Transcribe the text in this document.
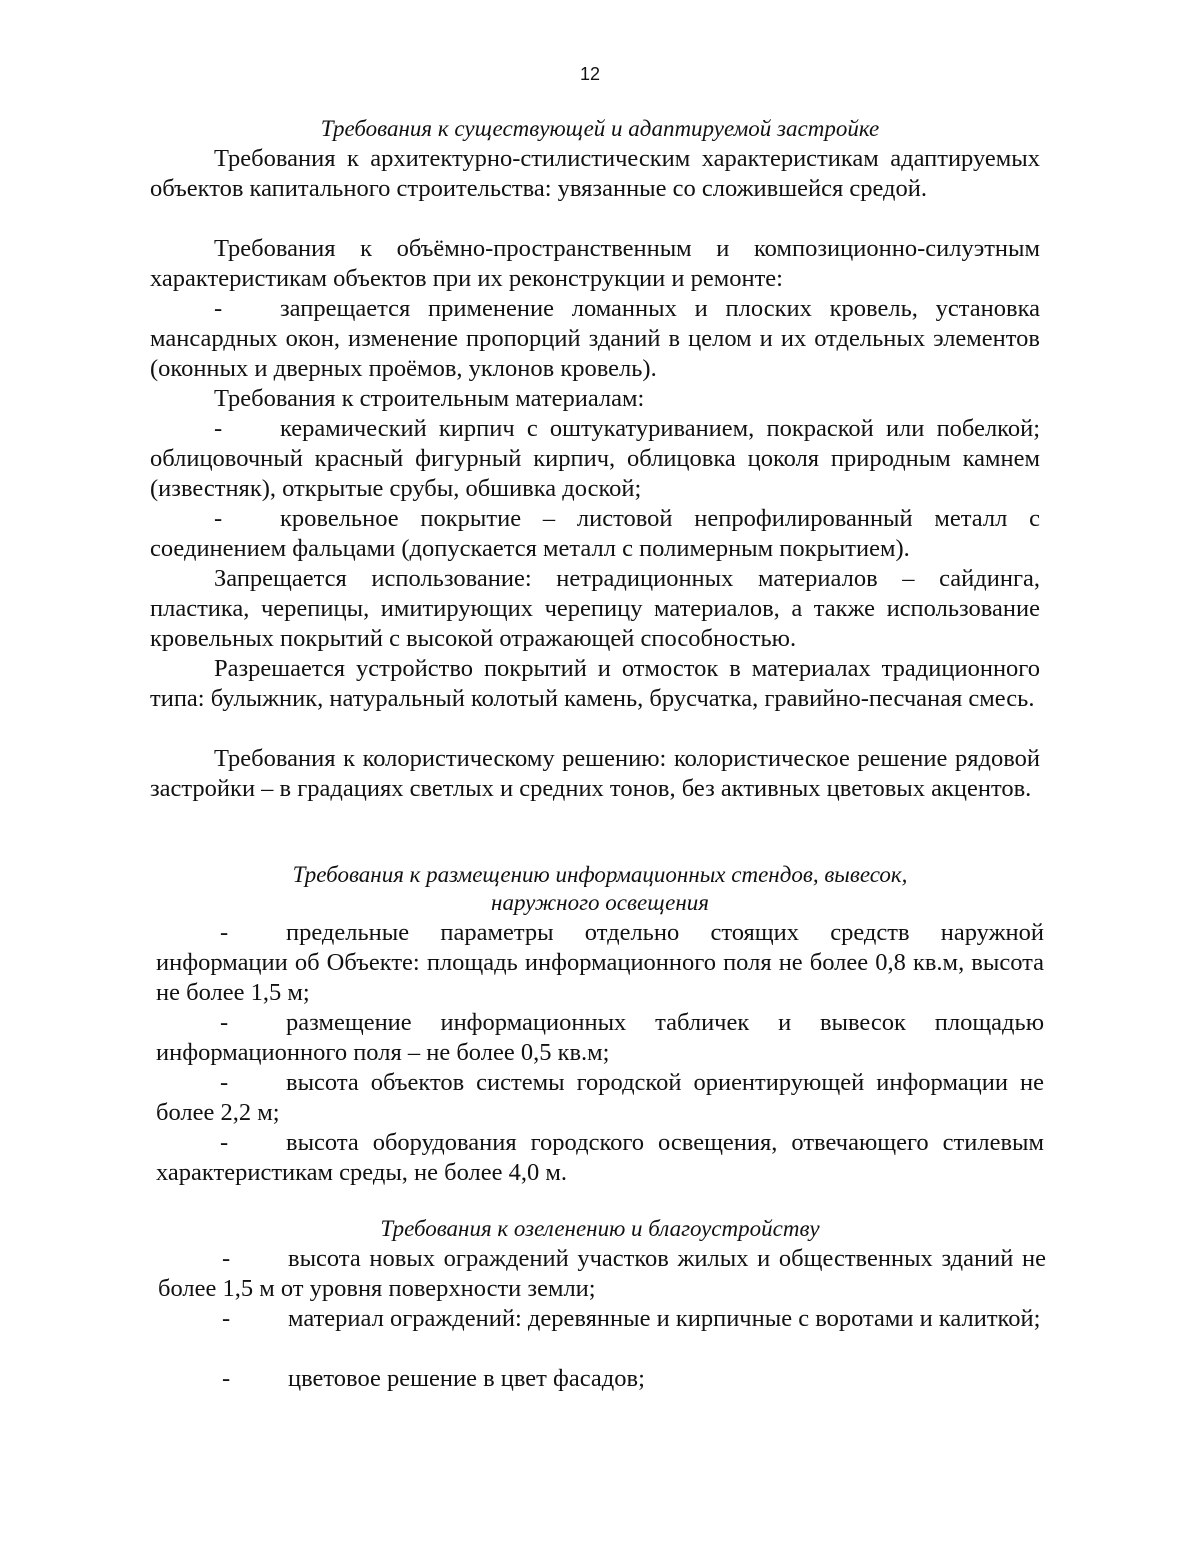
12
Требования к существующей и адаптируемой застройке
Требования к архитектурно-стилистическим характеристикам адаптируемых объектов капитального строительства: увязанные со сложившейся средой.
Требования к объёмно-пространственным и композиционно-силуэтным характеристикам объектов при их реконструкции и ремонте:
- запрещается применение ломанных и плоских кровель, установка мансардных окон, изменение пропорций зданий в целом и их отдельных элементов (оконных и дверных проёмов, уклонов кровель).
Требования к строительным материалам:
- керамический кирпич с оштукатуриванием, покраской или побелкой; облицовочный красный фигурный кирпич, облицовка цоколя природным камнем (известняк), открытые срубы, обшивка доской;
- кровельное покрытие – листовой непрофилированный металл с соединением фальцами (допускается металл с полимерным покрытием).
Запрещается использование: нетрадиционных материалов – сайдинга, пластика, черепицы, имитирующих черепицу материалов, а также использование кровельных покрытий с высокой отражающей способностью.
Разрешается устройство покрытий и отмосток в материалах традиционного типа: булыжник, натуральный колотый камень, брусчатка, гравийно-песчаная смесь.
Требования к колористическому решению: колористическое решение рядовой застройки – в градациях светлых и средних тонов, без активных цветовых акцентов.
Требования к размещению информационных стендов, вывесок,
наружного освещения
- предельные параметры отдельно стоящих средств наружной информации об Объекте: площадь информационного поля не более 0,8 кв.м, высота не более 1,5 м;
- размещение информационных табличек и вывесок площадью информационного поля – не более 0,5 кв.м;
- высота объектов системы городской ориентирующей информации не более 2,2 м;
- высота оборудования городского освещения, отвечающего стилевым характеристикам среды, не более 4,0 м.
Требования к озеленению и благоустройству
- высота новых ограждений участков жилых и общественных зданий не более 1,5 м от уровня поверхности земли;
- материал ограждений: деревянные и кирпичные с воротами и калиткой;
- цветовое решение в цвет фасадов;
